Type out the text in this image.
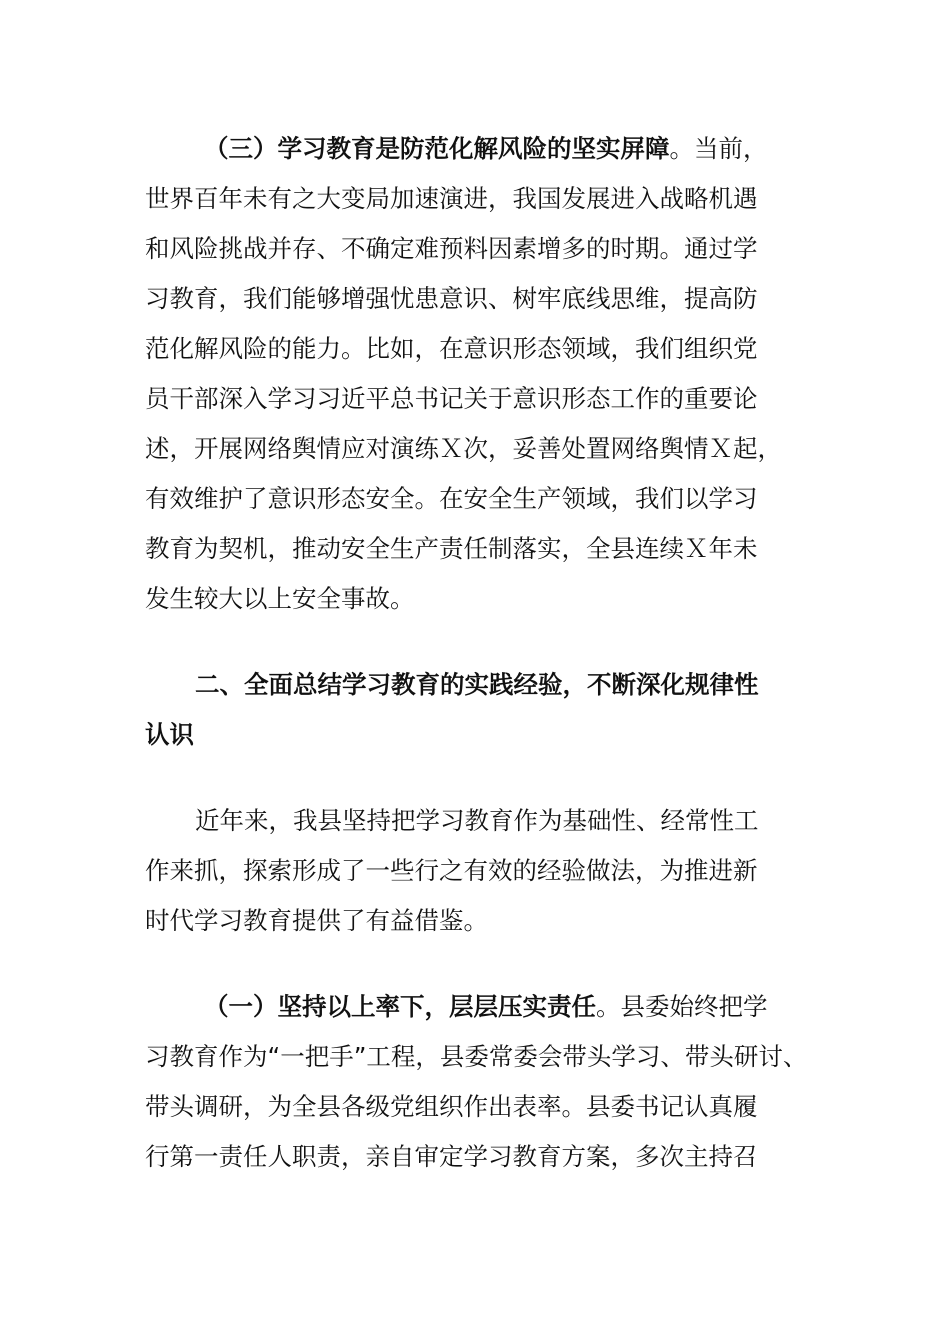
（三）学习教育是防范化解风险的坚实屏障。当前，
世界百年未有之大变局加速演进，我国发展进入战略机遇
和风险挑战并存、不确定难预料因素增多的时期。通过学
习教育，我们能够增强忧患意识、树牢底线思维，提高防
范化解风险的能力。比如，在意识形态领域，我们组织党
员干部深入学习习近平总书记关于意识形态工作的重要论
述，开展网络舆情应对演练Ｘ次，妥善处置网络舆情Ｘ起，
有效维护了意识形态安全。在安全生产领域，我们以学习
教育为契机，推动安全生产责任制落实，全县连续Ｘ年未
发生较大以上安全事故。
二、全面总结学习教育的实践经验，不断深化规律性
认识
近年来，我县坚持把学习教育作为基础性、经常性工
作来抓，探索形成了一些行之有效的经验做法，为推进新
时代学习教育提供了有益借鉴。
（一）坚持以上率下，层层压实责任。县委始终把学
习教育作为“一把手”工程，县委常委会带头学习、带头研讨、
带头调研，为全县各级党组织作出表率。县委书记认真履
行第一责任人职责，亲自审定学习教育方案，多次主持召
